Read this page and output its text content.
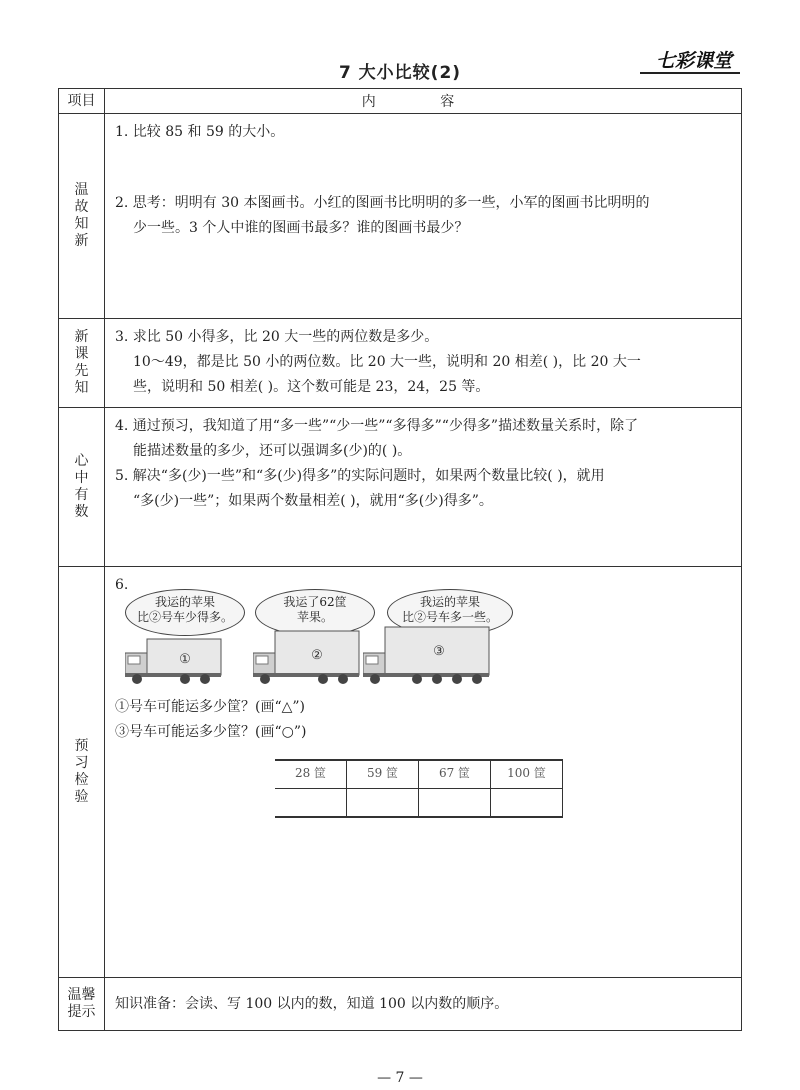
7 大小比较(2)
七彩课堂
项目	内 容
温故知新	

1. 比较 85 和 59 的大小。

2. 思考：明明有 30 本图画书。小红的图画书比明明的多一些，小军的图画书比明明的

少一些。3 个人中谁的图画书最多？谁的图画书最少？

新课先知	

3. 求比 50 小得多，比 20 大一些的两位数是多少。

10～49，都是比 50 小的两位数。比 20 大一些，说明和 20 相差( )，比 20 大一

些，说明和 50 相差( )。这个数可能是 23，24，25 等。

心中有数	

4. 通过预习，我知道了用“多一些”“少一些”“多得多”“少得多”描述数量关系时，除了

能描述数量的多少，还可以强调多(少)的( )。

5. 解决“多(少)一些”和“多(少)得多”的实际问题时，如果两个数量比较( )，就用

“多(少)一些”；如果两个数量相差( )，就用“多(少)得多”。

预习检验	

6.

我运的苹果
比②号车少得多。
我运了62筐
苹果。
我运的苹果
比②号车多一些。
①	②	③

①号车可能运多少筐？(画“△”)

③号车可能运多少筐？(画“○”)

28 筐	59 筐	67 筐	100 筐

温馨提示	

知识准备：会读、写 100 以内的数，知道 100 以内数的顺序。

— 7 —
